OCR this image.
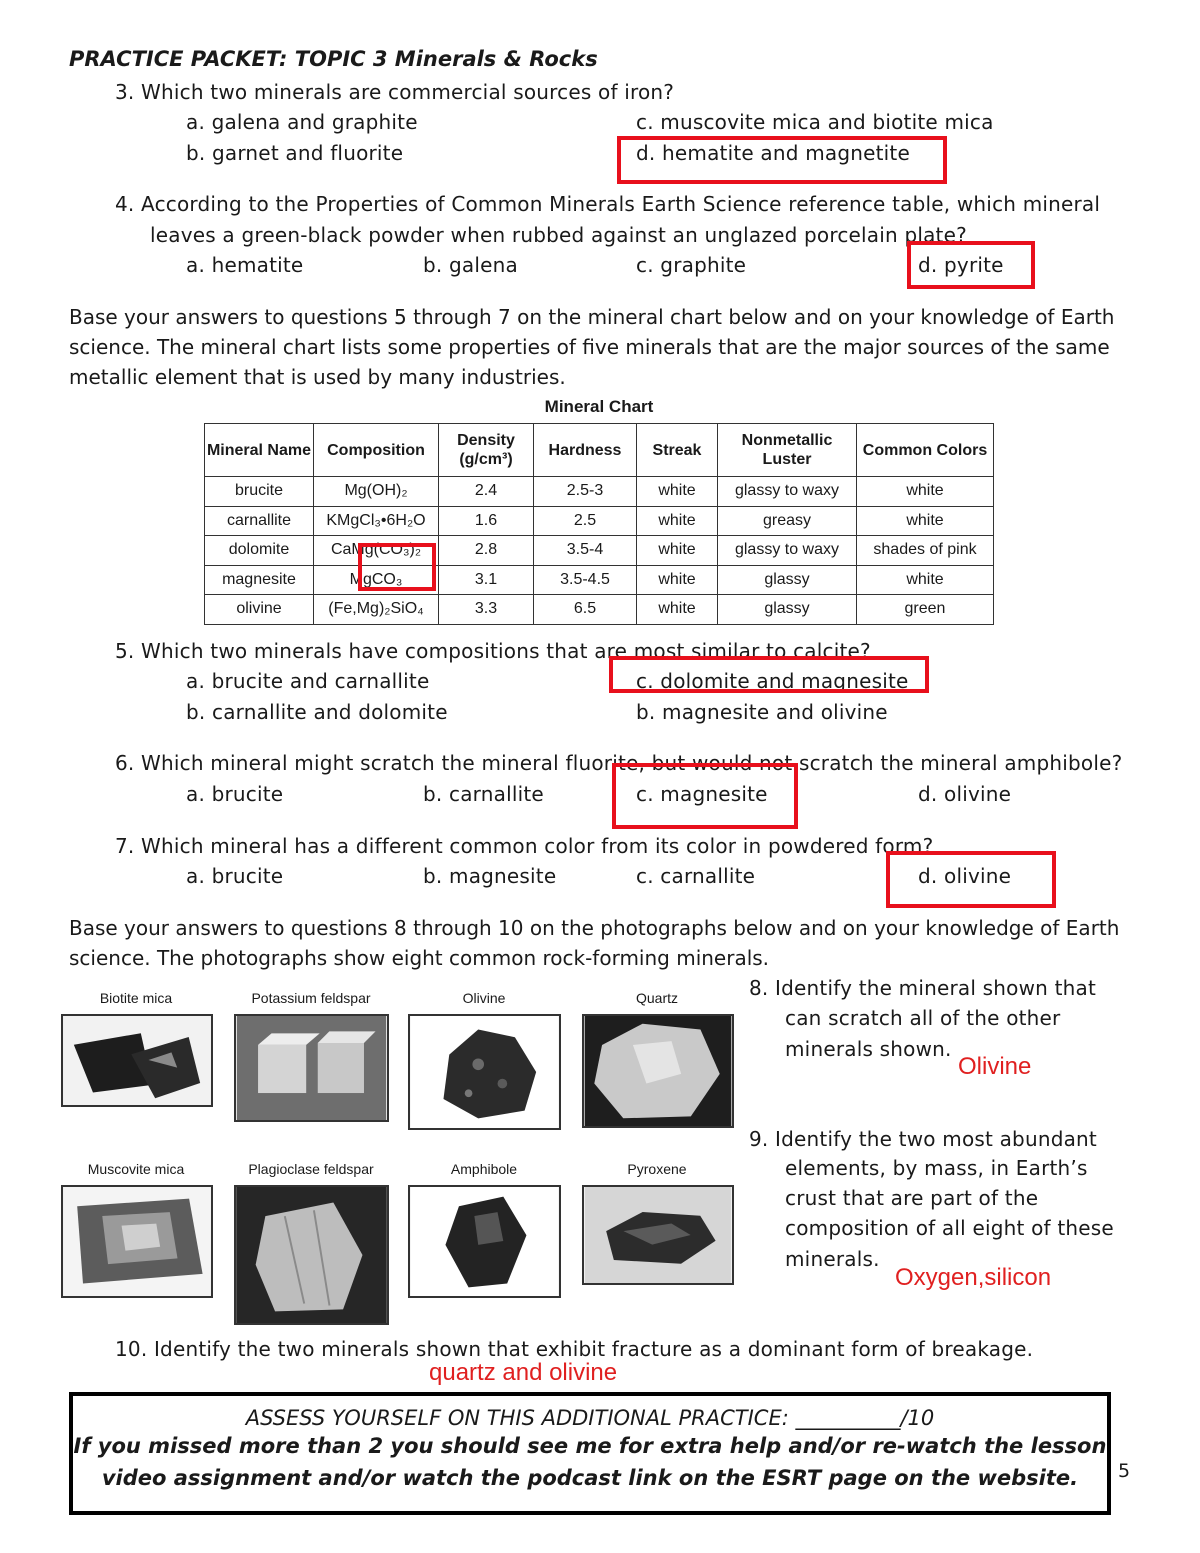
PRACTICE PACKET: TOPIC 3 Minerals & Rocks
3. Which two minerals are commercial sources of iron?
a. galena and graphite
b. garnet and fluorite
c. muscovite mica and biotite mica
d. hematite and magnetite
4. According to the Properties of Common Minerals Earth Science reference table, which mineral
leaves a green-black powder when rubbed against an unglazed porcelain plate?
a. hematite	b. galena	c. graphite	d. pyrite
Base your answers to questions 5 through 7 on the mineral chart below and on your knowledge of Earth science. The mineral chart lists some properties of five minerals that are the major sources of the same metallic element that is used by many industries.
Mineral Chart
Mineral Name	Composition	Density (g/cm³)	Hardness	Streak	Nonmetallic Luster	Common Colors
brucite	Mg(OH)₂	2.4	2.5-3	white	glassy to waxy	white
carnallite	KMgCl₃•6H₂O	1.6	2.5	white	greasy	white
dolomite	CaMg(CO₃)₂	2.8	3.5-4	white	glassy to waxy	shades of pink
magnesite	MgCO₃	3.1	3.5-4.5	white	glassy	white
olivine	(Fe,Mg)₂SiO₄	3.3	6.5	white	glassy	green
5. Which two minerals have compositions that are most similar to calcite?
a. brucite and carnallite
b. carnallite and dolomite
c. dolomite and magnesite
b. magnesite and olivine
6. Which mineral might scratch the mineral fluorite, but would not scratch the mineral amphibole?
a. brucite	b. carnallite	c. magnesite	d. olivine
7. Which mineral has a different common color from its color in powdered form?
a. brucite	b. magnesite	c. carnallite	d. olivine
Base your answers to questions 8 through 10 on the photographs below and on your knowledge of Earth science. The photographs show eight common rock-forming minerals.
Biotite mica	Potassium feldspar	Olivine	Quartz
Muscovite mica	Plagioclase feldspar	Amphibole	Pyroxene
8. Identify the mineral shown that
can scratch all of the other
minerals shown.
Olivine
9. Identify the two most abundant
elements, by mass, in Earth’s
crust that are part of the
composition of all eight of these
minerals.
Oxygen,silicon
10. Identify the two minerals shown that exhibit fracture as a dominant form of breakage.
quartz and olivine
ASSESS YOURSELF ON THIS ADDITIONAL PRACTICE: __________/10
If you missed more than 2 you should see me for extra help and/or re-watch the lesson
video assignment and/or watch the podcast link on the ESRT page on the website.	5
